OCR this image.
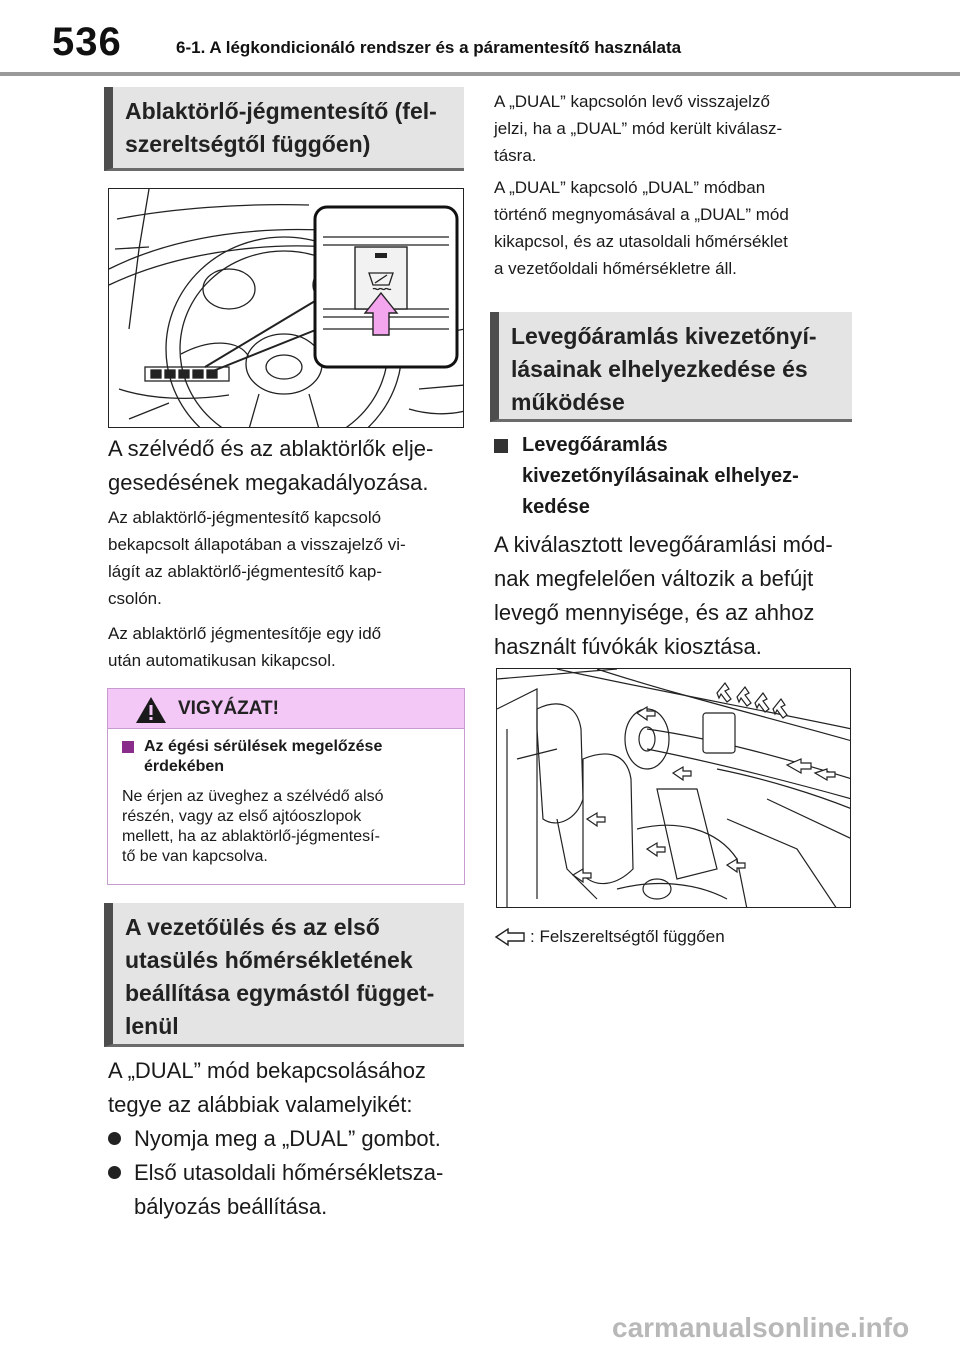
536	6-1. A légkondicionáló rendszer és a páramentesítő használata
Ablaktörlő-jégmentesítő (fel-
szereltségtől függően)
A szélvédő és az ablaktörlők elje-
gesedésének megakadályozása.
Az ablaktörlő-jégmentesítő kapcsoló
bekapcsolt állapotában a visszajelző vi-
lágít az ablaktörlő-jégmentesítő kap-
csolón.
Az ablaktörlő jégmentesítője egy idő
után automatikusan kikapcsol.
VIGYÁZAT!
Az égési sérülések megelőzése
érdekében
Ne érjen az üveghez a szélvédő alsó
részén, vagy az első ajtóoszlopok
mellett, ha az ablaktörlő-jégmentesí-
tő be van kapcsolva.
A vezetőülés és az első
utasülés hőmérsékletének
beállítása egymástól függet-
lenül
A „DUAL” mód bekapcsolásához
tegye az alábbiak valamelyikét:
Nyomja meg a „DUAL” gombot.
Első utasoldali hőmérsékletsza-
bályozás beállítása.
A „DUAL” kapcsolón levő visszajelző
jelzi, ha a „DUAL” mód került kiválasz-
tásra.
A „DUAL” kapcsoló „DUAL” módban
történő megnyomásával a „DUAL” mód
kikapcsol, és az utasoldali hőmérséklet
a vezetőoldali hőmérsékletre áll.
Levegőáramlás kivezetőnyí-
lásainak elhelyezkedése és
működése
Levegőáramlás
kivezetőnyílásainak elhelyez-
kedése
A kiválasztott levegőáramlási mód-
nak megfelelően változik a befújt
levegő mennyisége, és az ahhoz
használt fúvókák kiosztása.
: Felszereltségtől függően
carmanualsonline.info
